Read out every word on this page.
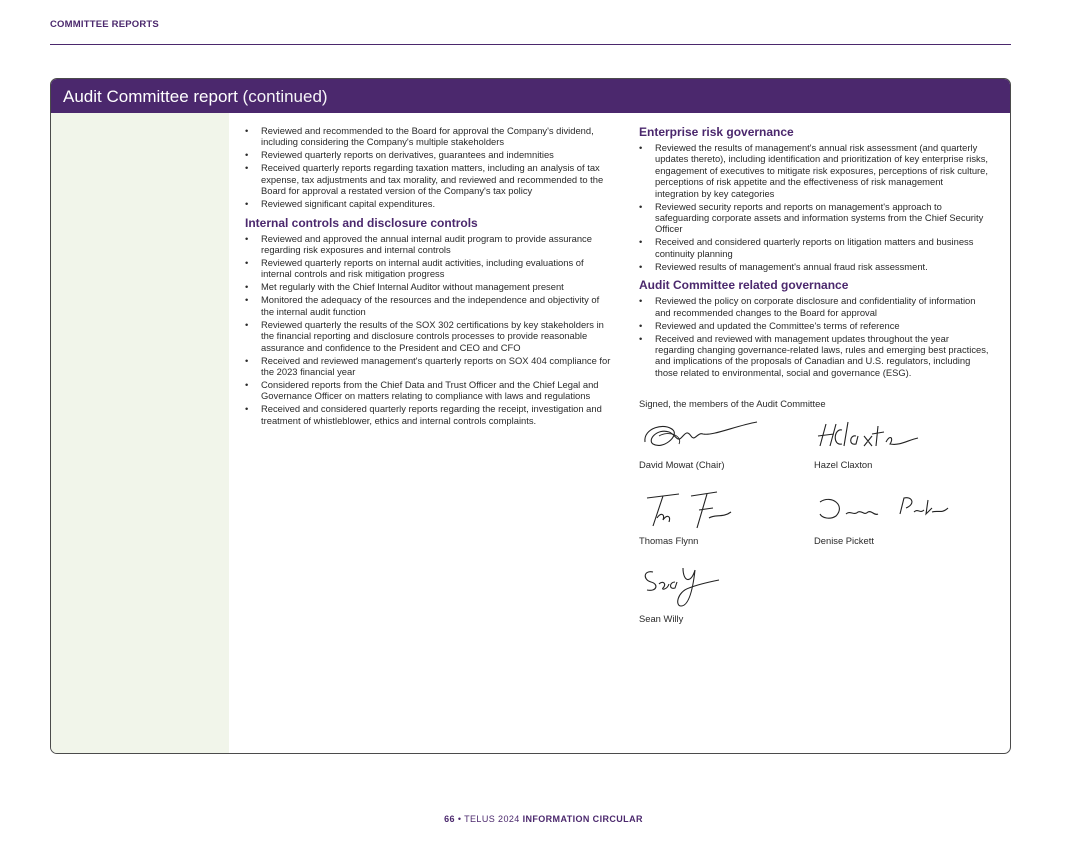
COMMITTEE REPORTS
Audit Committee report (continued)
• Reviewed and recommended to the Board for approval the Company's dividend, including considering the Company's multiple stakeholders
• Reviewed quarterly reports on derivatives, guarantees and indemnities
• Received quarterly reports regarding taxation matters, including an analysis of tax expense, tax adjustments and tax morality, and reviewed and recommended to the Board for approval a restated version of the Company's tax policy
• Reviewed significant capital expenditures.
Internal controls and disclosure controls
• Reviewed and approved the annual internal audit program to provide assurance regarding risk exposures and internal controls
• Reviewed quarterly reports on internal audit activities, including evaluations of internal controls and risk mitigation progress
• Met regularly with the Chief Internal Auditor without management present
• Monitored the adequacy of the resources and the independence and objectivity of the internal audit function
• Reviewed quarterly the results of the SOX 302 certifications by key stakeholders in the financial reporting and disclosure controls processes to provide reasonable assurance and confidence to the President and CEO and CFO
• Received and reviewed management's quarterly reports on SOX 404 compliance for the 2023 financial year
• Considered reports from the Chief Data and Trust Officer and the Chief Legal and Governance Officer on matters relating to compliance with laws and regulations
• Received and considered quarterly reports regarding the receipt, investigation and treatment of whistleblower, ethics and internal controls complaints.
Enterprise risk governance
• Reviewed the results of management's annual risk assessment (and quarterly updates thereto), including identification and prioritization of key enterprise risks, engagement of executives to mitigate risk exposures, perceptions of risk culture, perceptions of risk appetite and the effectiveness of risk management integration by key categories
• Reviewed security reports and reports on management's approach to safeguarding corporate assets and information systems from the Chief Security Officer
• Received and considered quarterly reports on litigation matters and business continuity planning
• Reviewed results of management's annual fraud risk assessment.
Audit Committee related governance
• Reviewed the policy on corporate disclosure and confidentiality of information and recommended changes to the Board for approval
• Reviewed and updated the Committee's terms of reference
• Received and reviewed with management updates throughout the year regarding changing governance-related laws, rules and emerging best practices, and implications of the proposals of Canadian and U.S. regulators, including those related to environmental, social and governance (ESG).
Signed, the members of the Audit Committee
David Mowat (Chair)	Hazel Claxton
Thomas Flynn	Denise Pickett
Sean Willy
66 • TELUS 2024 INFORMATION CIRCULAR
